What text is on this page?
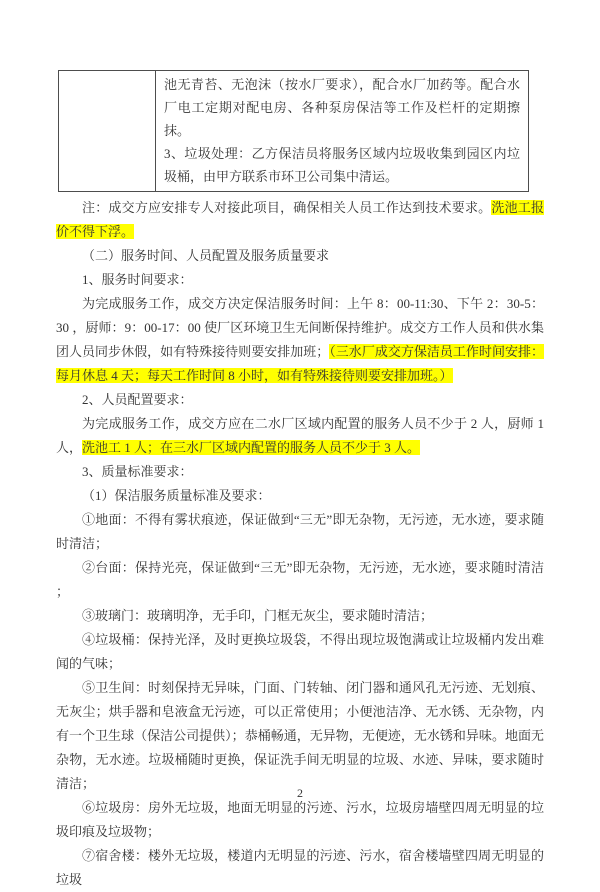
池无青苔、无泡沫（按水厂要求），配合水厂加药等。配合水厂电工定期对配电房、各种泵房保洁等工作及栏杆的定期擦抹。

3、垃圾处理：乙方保洁员将服务区域内垃圾收集到园区内垃圾桶，由甲方联系市环卫公司集中清运。

注：成交方应安排专人对接此项目，确保相关人员工作达到技术要求。洗池工报价不得下浮。

（二）服务时间、人员配置及服务质量要求

1、服务时间要求：

为完成服务工作，成交方决定保洁服务时间：上午 8：00-11:30、下午 2：30-5：30 ，厨师：9：00-17：00 使厂区环境卫生无间断保持维护。成交方工作人员和供水集团人员同步休假，如有特殊接待则要安排加班；（三水厂成交方保洁员工作时间安排：每月休息 4 天；每天工作时间 8 小时，如有特殊接待则要安排加班。）

2、人员配置要求：

为完成服务工作，成交方应在二水厂区域内配置的服务人员不少于 2 人，厨师 1 人，洗池工 1 人；在三水厂区域内配置的服务人员不少于 3 人。

3、质量标准要求：

（1）保洁服务质量标准及要求：

①地面：不得有雾状痕迹，保证做到“三无”即无杂物，无污迹，无水迹，要求随时清洁；

②台面：保持光亮，保证做到“三无”即无杂物，无污迹，无水迹，要求随时清洁 ；

③玻璃门：玻璃明净，无手印，门框无灰尘，要求随时清洁；

④垃圾桶：保持光泽，及时更换垃圾袋，不得出现垃圾饱满或让垃圾桶内发出难闻的气味；

⑤卫生间：时刻保持无异味，门面、门转轴、闭门器和通风孔无污迹、无划痕、无灰尘；烘手器和皂液盒无污迹，可以正常使用；小便池洁净、无水锈、无杂物，内有一个卫生球（保洁公司提供）；恭桶畅通，无异物，无便迹，无水锈和异味。地面无杂物，无水迹。垃圾桶随时更换，保证洗手间无明显的垃圾、水迹、异味，要求随时清洁；

⑥垃圾房：房外无垃圾，地面无明显的污迹、污水，垃圾房墙壁四周无明显的垃圾印痕及垃圾物；

⑦宿舍楼：楼外无垃圾，楼道内无明显的污迹、污水，宿舍楼墙壁四周无明显的垃圾

2
